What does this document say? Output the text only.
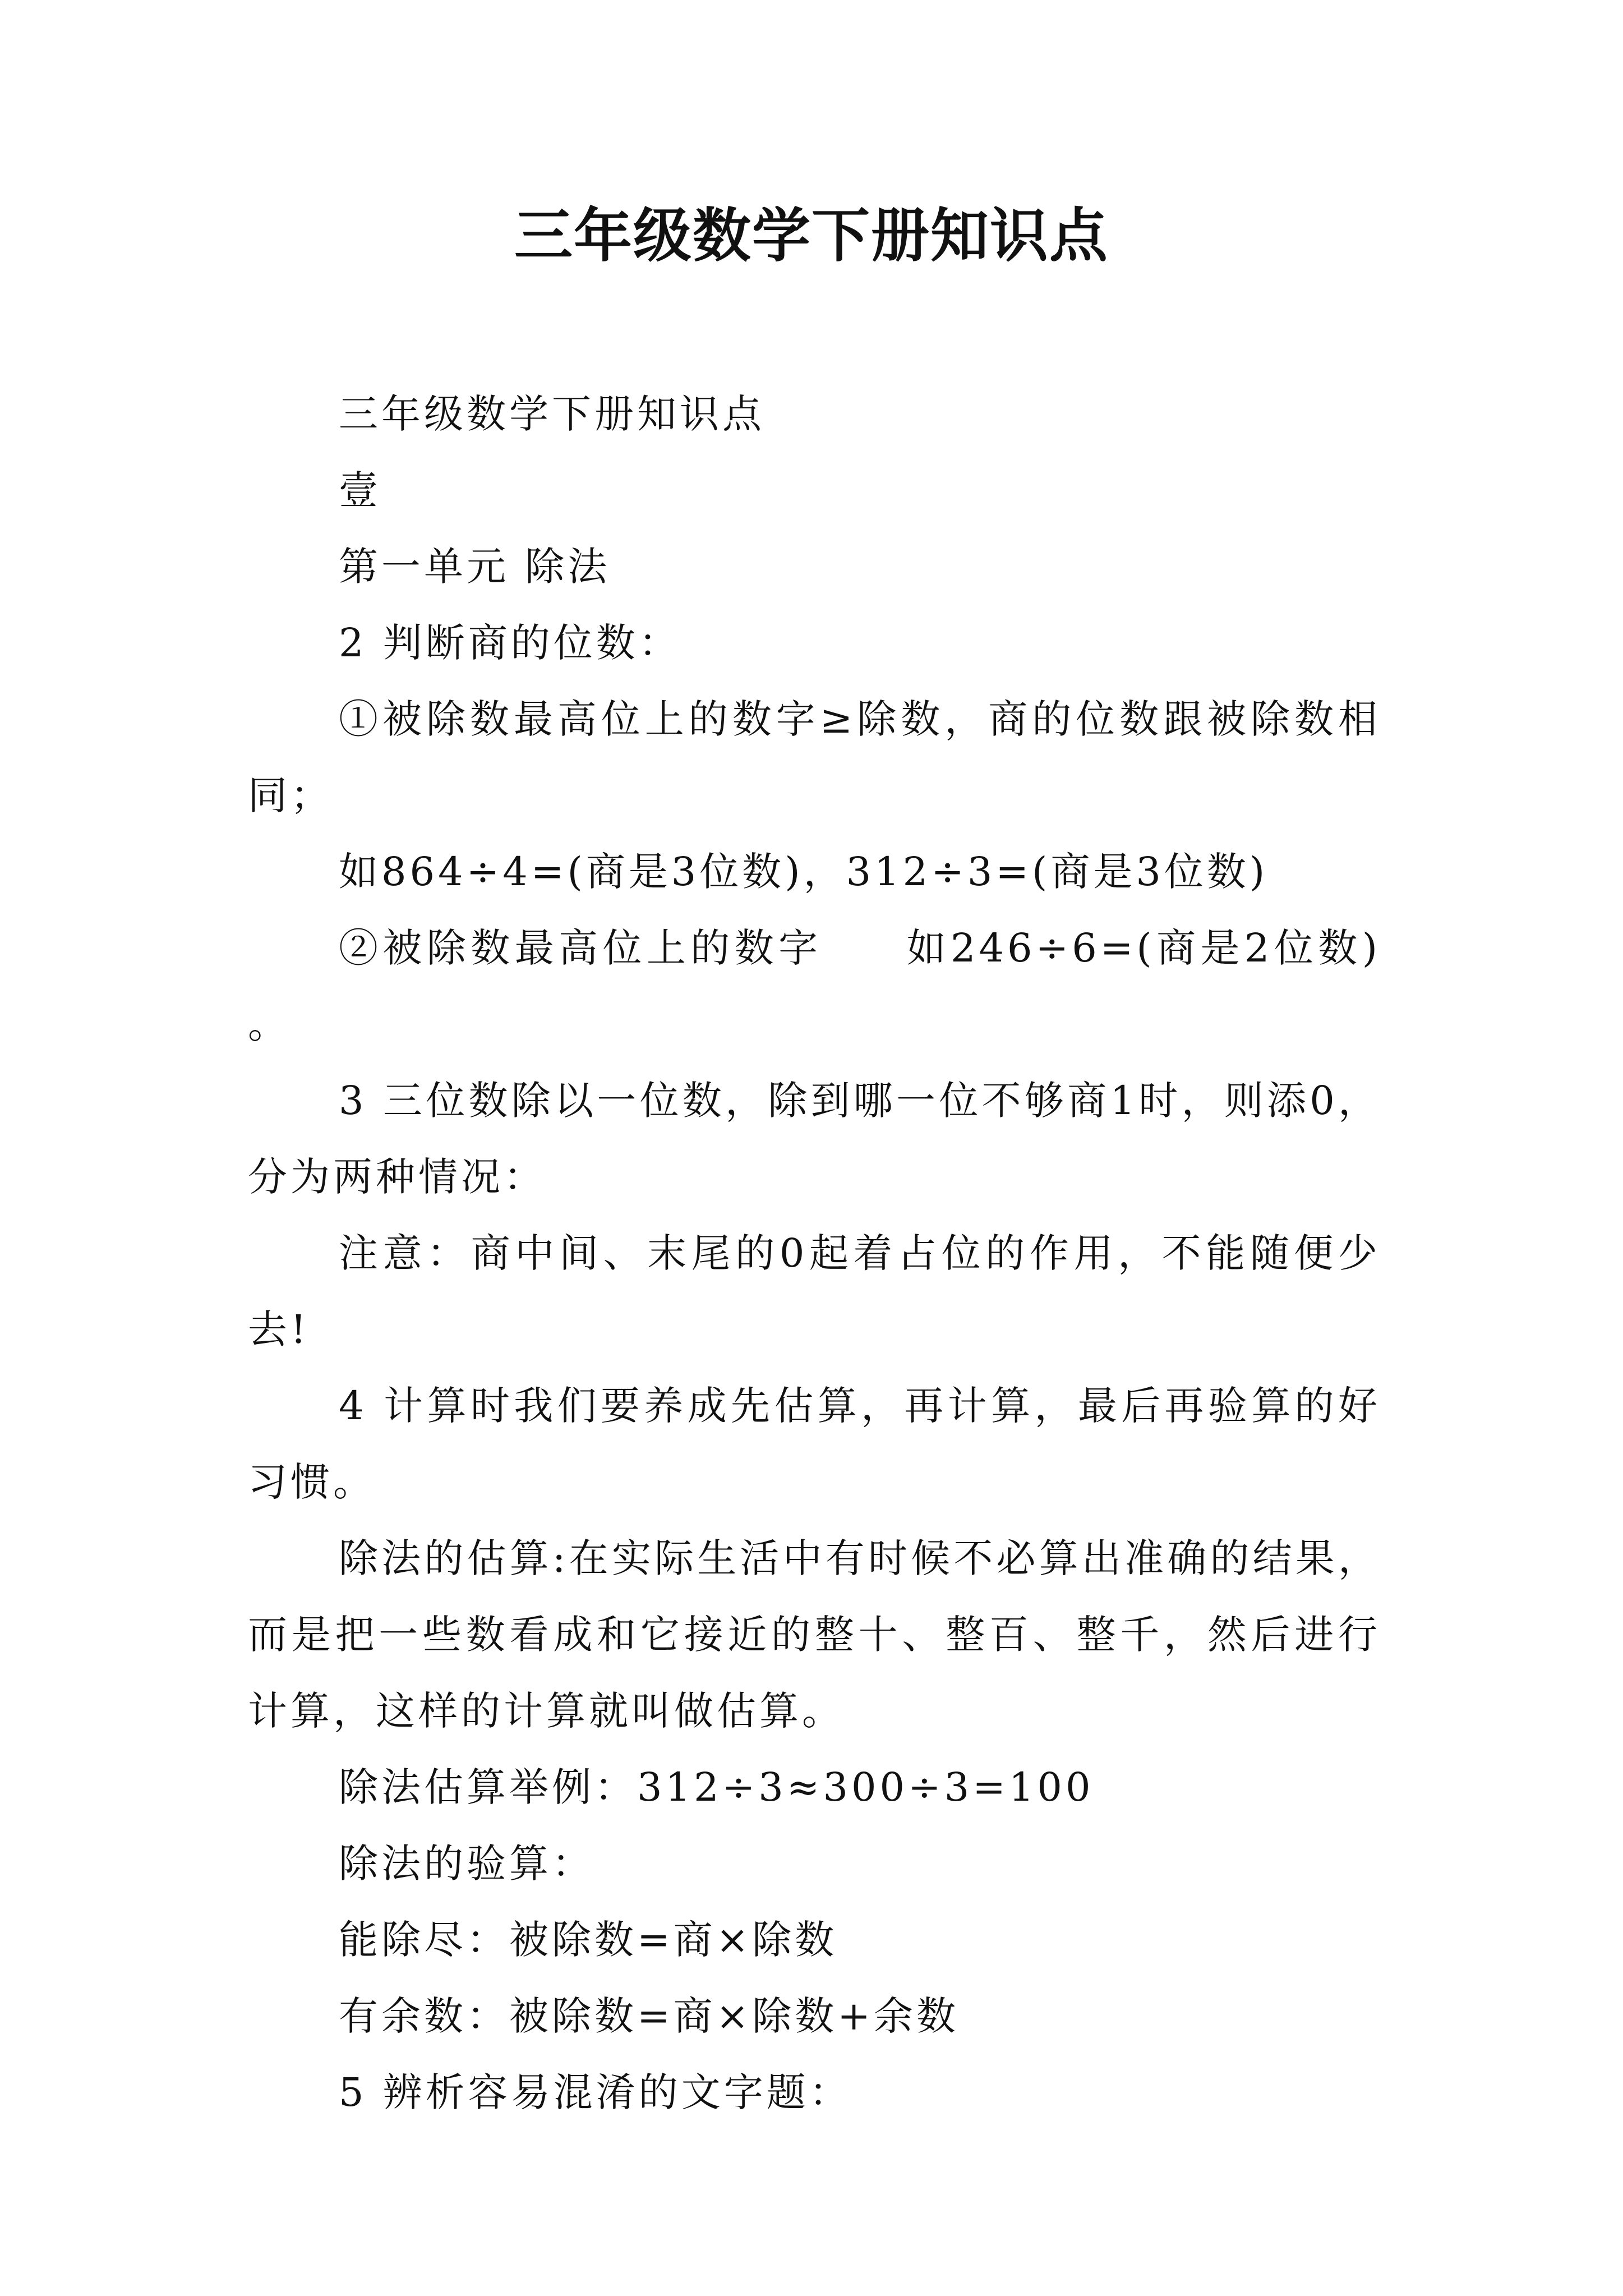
三年级数学下册知识点

三年级数学下册知识点

壹

第一单元 除法

2 判断商的位数：

①被除数最高位上的数字≥除数，商的位数跟被除数相同；

如864÷4=(商是3位数)，312÷3=(商是3位数)

②被除数最高位上的数字 如246÷6=(商是2位数) 。

3 三位数除以一位数，除到哪一位不够商1时，则添0，分为两种情况：

注意：商中间、末尾的0起着占位的作用，不能随便少去!

4 计算时我们要养成先估算，再计算，最后再验算的好习惯。

除法的估算:在实际生活中有时候不必算出准确的结果，而是把一些数看成和它接近的整十、整百、整千，然后进行计算，这样的计算就叫做估算。

除法估算举例：312÷3≈300÷3=100

除法的验算：

能除尽：被除数=商×除数

有余数：被除数=商×除数+余数

5 辨析容易混淆的文字题：
